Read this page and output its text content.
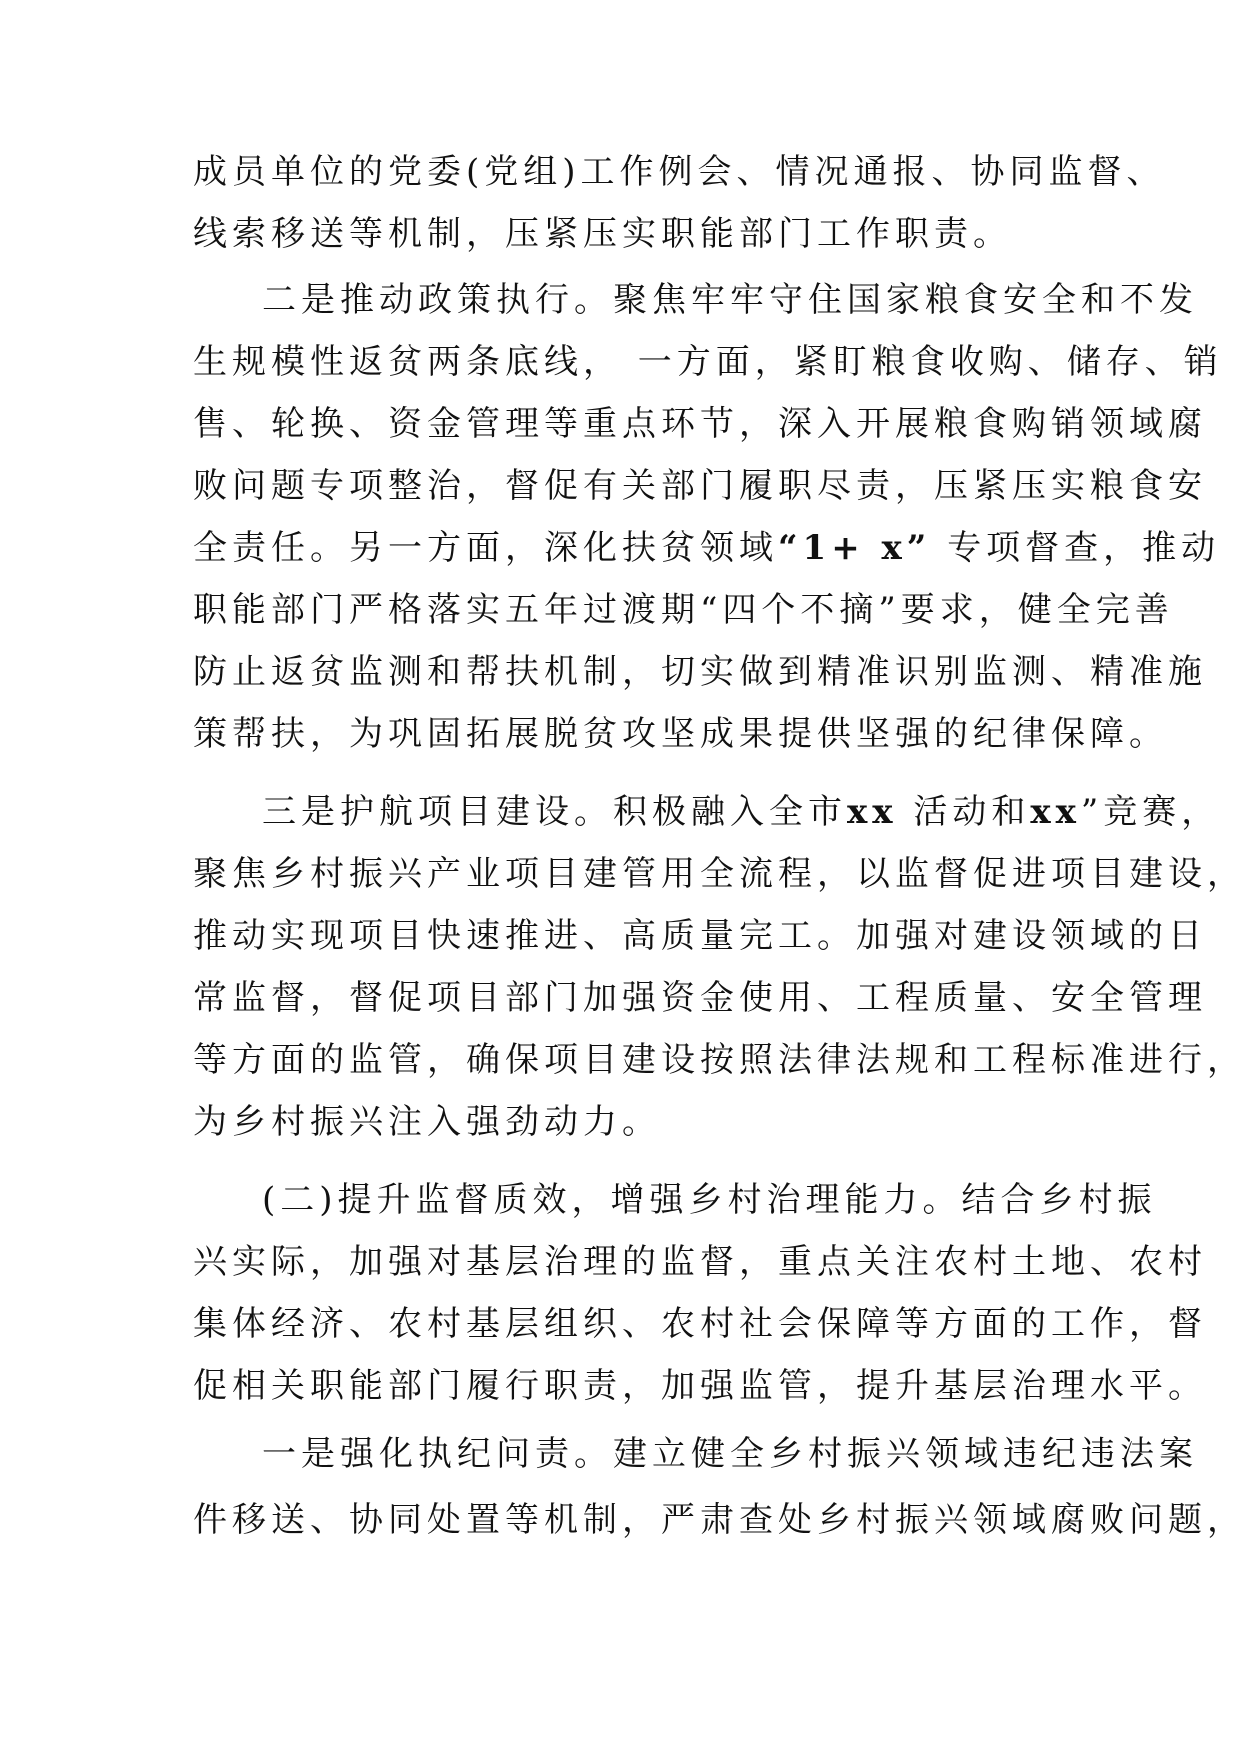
成员单位的党委(党组)工作例会、情况通报、协同监督、
线索移送等机制，压紧压实职能部门工作职责。
二是推动政策执行。聚焦牢牢守住国家粮食安全和不发
生规模性返贫两条底线， 一方面，紧盯粮食收购、储存、销
售、轮换、资金管理等重点环节，深入开展粮食购销领域腐
败问题专项整治，督促有关部门履职尽责，压紧压实粮食安
全责任。另一方面，深化扶贫领域“1+ x” 专项督查，推动
职能部门严格落实五年过渡期“四个不摘”要求，健全完善
防止返贫监测和帮扶机制，切实做到精准识别监测、精准施
策帮扶，为巩固拓展脱贫攻坚成果提供坚强的纪律保障。
三是护航项目建设。积极融入全市xx 活动和xx”竞赛，
聚焦乡村振兴产业项目建管用全流程，以监督促进项目建设，
推动实现项目快速推进、高质量完工。加强对建设领域的日
常监督，督促项目部门加强资金使用、工程质量、安全管理
等方面的监管，确保项目建设按照法律法规和工程标准进行，
为乡村振兴注入强劲动力。
(二)提升监督质效，增强乡村治理能力。结合乡村振
兴实际，加强对基层治理的监督，重点关注农村土地、农村
集体经济、农村基层组织、农村社会保障等方面的工作，督
促相关职能部门履行职责，加强监管，提升基层治理水平。
一是强化执纪问责。建立健全乡村振兴领域违纪违法案
件移送、协同处置等机制，严肃查处乡村振兴领域腐败问题，
